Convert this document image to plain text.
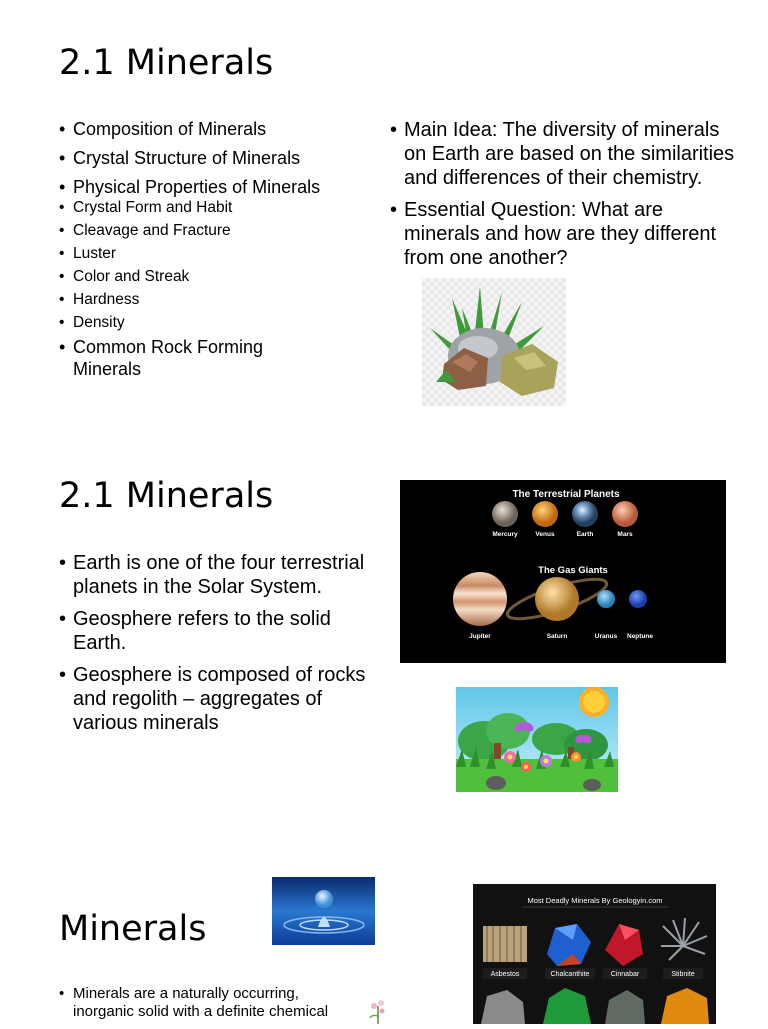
2.1 Minerals
• Composition of Minerals
• Crystal Structure of Minerals
• Physical Properties of Minerals
• Crystal Form and Habit
• Cleavage and Fracture
• Luster
• Color and Streak
• Hardness
• Density
• Common Rock Forming Minerals
• Main Idea: The diversity of minerals on Earth are based on the similarities and differences of their chemistry.
• Essential Question: What are minerals and how are they different from one another?
2.1 Minerals
• Earth is one of the four terrestrial planets in the Solar System.
• Geosphere refers to the solid Earth.
• Geosphere is composed of rocks and regolith – aggregates of various minerals
The Terrestrial Planets
Mercury	Venus	Earth	Mars
The Gas Giants
Jupiter	Saturn	Uranus Neptune
Minerals
• Minerals are a naturally occurring, inorganic solid with a definite chemical
Most Deadly Minerals By Geologyin.com
Asbestos	Chalcanthite	Cinnabar	Stibnite
